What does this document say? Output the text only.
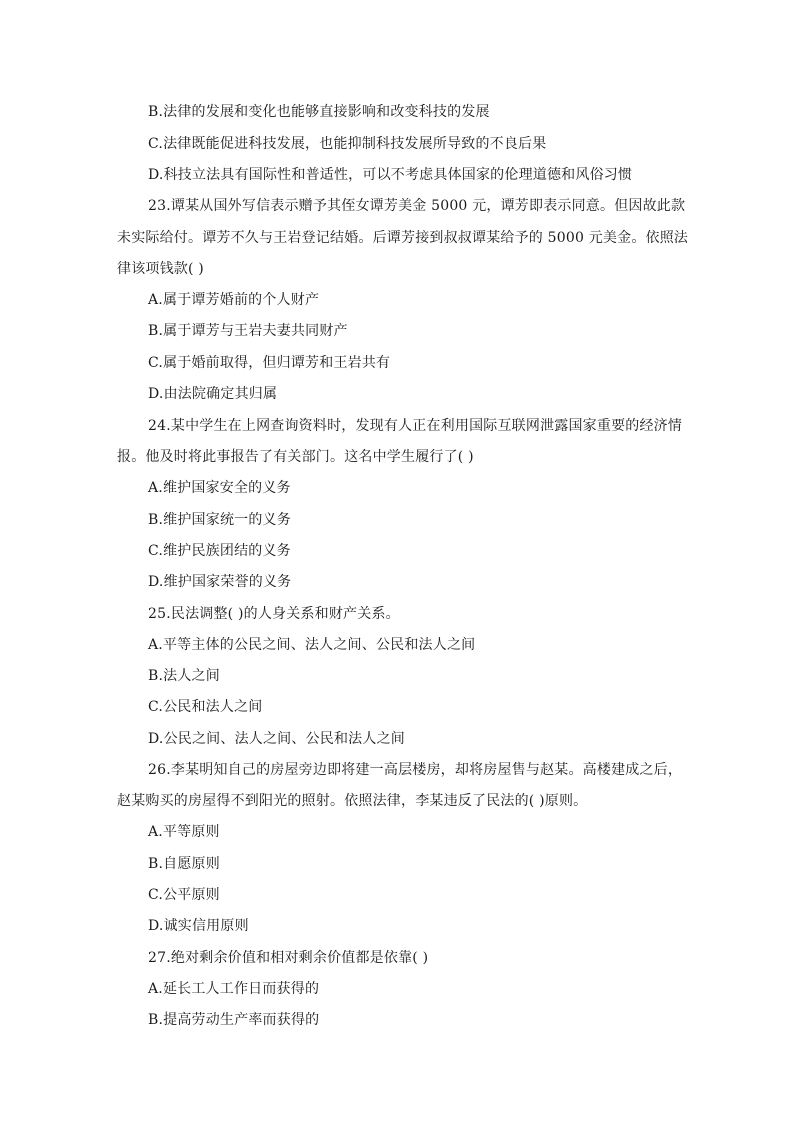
B.法律的发展和变化也能够直接影响和改变科技的发展
C.法律既能促进科技发展，也能抑制科技发展所导致的不良后果
D.科技立法具有国际性和普适性，可以不考虑具体国家的伦理道德和风俗习惯
23.谭某从国外写信表示赠予其侄女谭芳美金 5000 元，谭芳即表示同意。但因故此款
未实际给付。谭芳不久与王岩登记结婚。后谭芳接到叔叔谭某给予的 5000 元美金。依照法
律该项钱款( )
A.属于谭芳婚前的个人财产
B.属于谭芳与王岩夫妻共同财产
C.属于婚前取得，但归谭芳和王岩共有
D.由法院确定其归属
24.某中学生在上网查询资料时，发现有人正在利用国际互联网泄露国家重要的经济情
报。他及时将此事报告了有关部门。这名中学生履行了( )
A.维护国家安全的义务
B.维护国家统一的义务
C.维护民族团结的义务
D.维护国家荣誉的义务
25.民法调整( )的人身关系和财产关系。
A.平等主体的公民之间、法人之间、公民和法人之间
B.法人之间
C.公民和法人之间
D.公民之间、法人之间、公民和法人之间
26.李某明知自己的房屋旁边即将建一高层楼房，却将房屋售与赵某。高楼建成之后，
赵某购买的房屋得不到阳光的照射。依照法律，李某违反了民法的( )原则。
A.平等原则
B.自愿原则
C.公平原则
D.诚实信用原则
27.绝对剩余价值和相对剩余价值都是依靠( )
A.延长工人工作日而获得的
B.提高劳动生产率而获得的
